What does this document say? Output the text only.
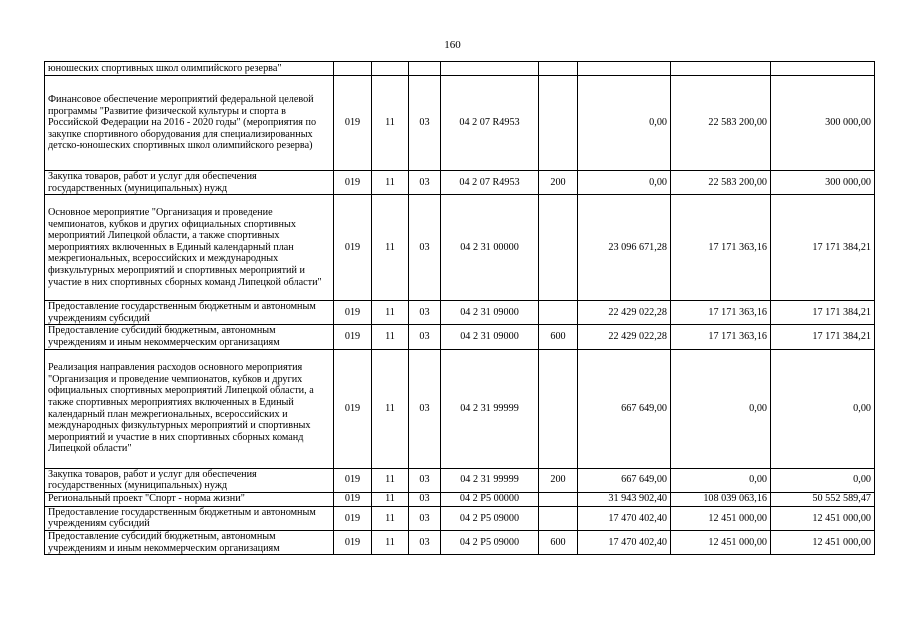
160
юношеских спортивных школ олимпийского резерва"								
Финансовое обеспечение мероприятий федеральной целевой программы "Развитие физической культуры и спорта в Российской Федерации на 2016 - 2020 годы" (мероприятия по закупке спортивного оборудования для специализированных детско-юношеских спортивных школ олимпийского резерва)	019	11	03	04 2 07 R4953		0,00	22 583 200,00	300 000,00
Закупка товаров, работ и услуг для обеспечения государственных (муниципальных) нужд	019	11	03	04 2 07 R4953	200	0,00	22 583 200,00	300 000,00
Основное мероприятие "Организация и проведение чемпионатов, кубков и других официальных спортивных мероприятий Липецкой области, а также спортивных мероприятиях включенных в Единый календарный план межрегиональных, всероссийских и международных физкультурных мероприятий и спортивных мероприятий и участие в них спортивных сборных команд Липецкой области"	019	11	03	04 2 31 00000		23 096 671,28	17 171 363,16	17 171 384,21
Предоставление государственным бюджетным и автономным учреждениям субсидий	019	11	03	04 2 31 09000		22 429 022,28	17 171 363,16	17 171 384,21
Предоставление субсидий бюджетным, автономным учреждениям и иным некоммерческим организациям	019	11	03	04 2 31 09000	600	22 429 022,28	17 171 363,16	17 171 384,21
Реализация направления расходов основного мероприятия "Организация и проведение чемпионатов, кубков и других официальных спортивных мероприятий Липецкой области, а также спортивных мероприятиях включенных в Единый календарный план межрегиональных, всероссийских и международных физкультурных мероприятий и спортивных мероприятий и участие в них спортивных сборных команд Липецкой области"	019	11	03	04 2 31 99999		667 649,00	0,00	0,00
Закупка товаров, работ и услуг для обеспечения государственных (муниципальных) нужд	019	11	03	04 2 31 99999	200	667 649,00	0,00	0,00
Региональный проект "Спорт - норма жизни"	019	11	03	04 2 P5 00000		31 943 902,40	108 039 063,16	50 552 589,47
Предоставление государственным бюджетным и автономным учреждениям субсидий	019	11	03	04 2 P5 09000		17 470 402,40	12 451 000,00	12 451 000,00
Предоставление субсидий бюджетным, автономным учреждениям и иным некоммерческим организациям	019	11	03	04 2 P5 09000	600	17 470 402,40	12 451 000,00	12 451 000,00
